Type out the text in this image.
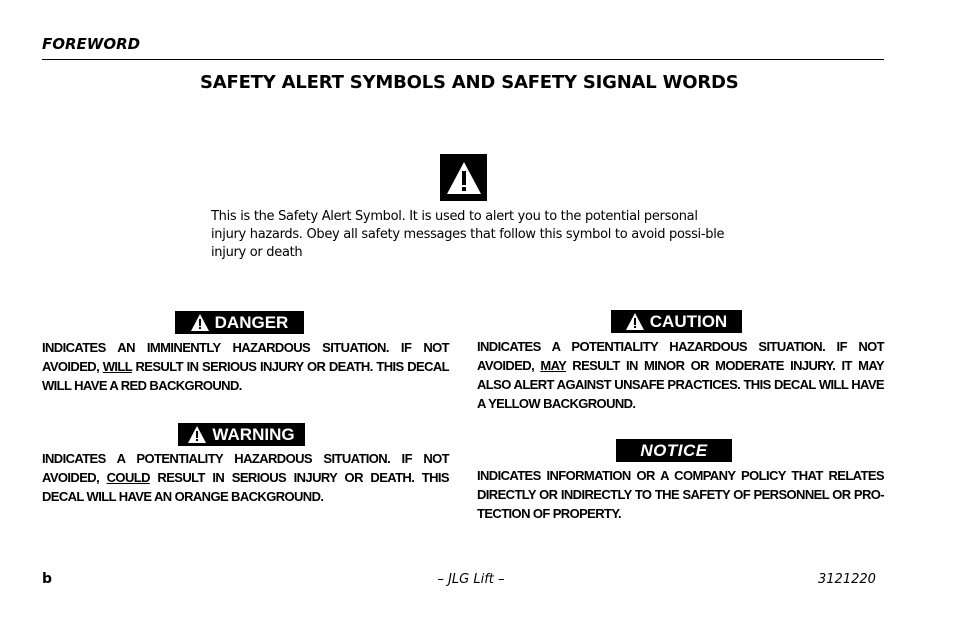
FOREWORD
SAFETY ALERT SYMBOLS AND SAFETY SIGNAL WORDS
This is the Safety Alert Symbol. It is used to alert you to the potential personal injury hazards. Obey all safety messages that follow this symbol to avoid possi-ble injury or death
DANGER
INDICATES AN IMMINENTLY HAZARDOUS SITUATION. IF NOT AVOIDED, WILL RESULT IN SERIOUS INJURY OR DEATH. THIS DECAL WILL HAVE A RED BACKGROUND.
WARNING
INDICATES A POTENTIALITY HAZARDOUS SITUATION. IF NOT AVOIDED, COULD RESULT IN SERIOUS INJURY OR DEATH. THIS DECAL WILL HAVE AN ORANGE BACKGROUND.
CAUTION
INDICATES A POTENTIALITY HAZARDOUS SITUATION. IF NOT AVOIDED, MAY RESULT IN MINOR OR MODERATE INJURY. IT MAY ALSO ALERT AGAINST UNSAFE PRACTICES. THIS DECAL WILL HAVE A YELLOW BACKGROUND.
NOTICE
INDICATES INFORMATION OR A COMPANY POLICY THAT RELATES DIRECTLY OR INDIRECTLY TO THE SAFETY OF PERSONNEL OR PRO-TECTION OF PROPERTY.
b	– JLG Lift –	3121220
